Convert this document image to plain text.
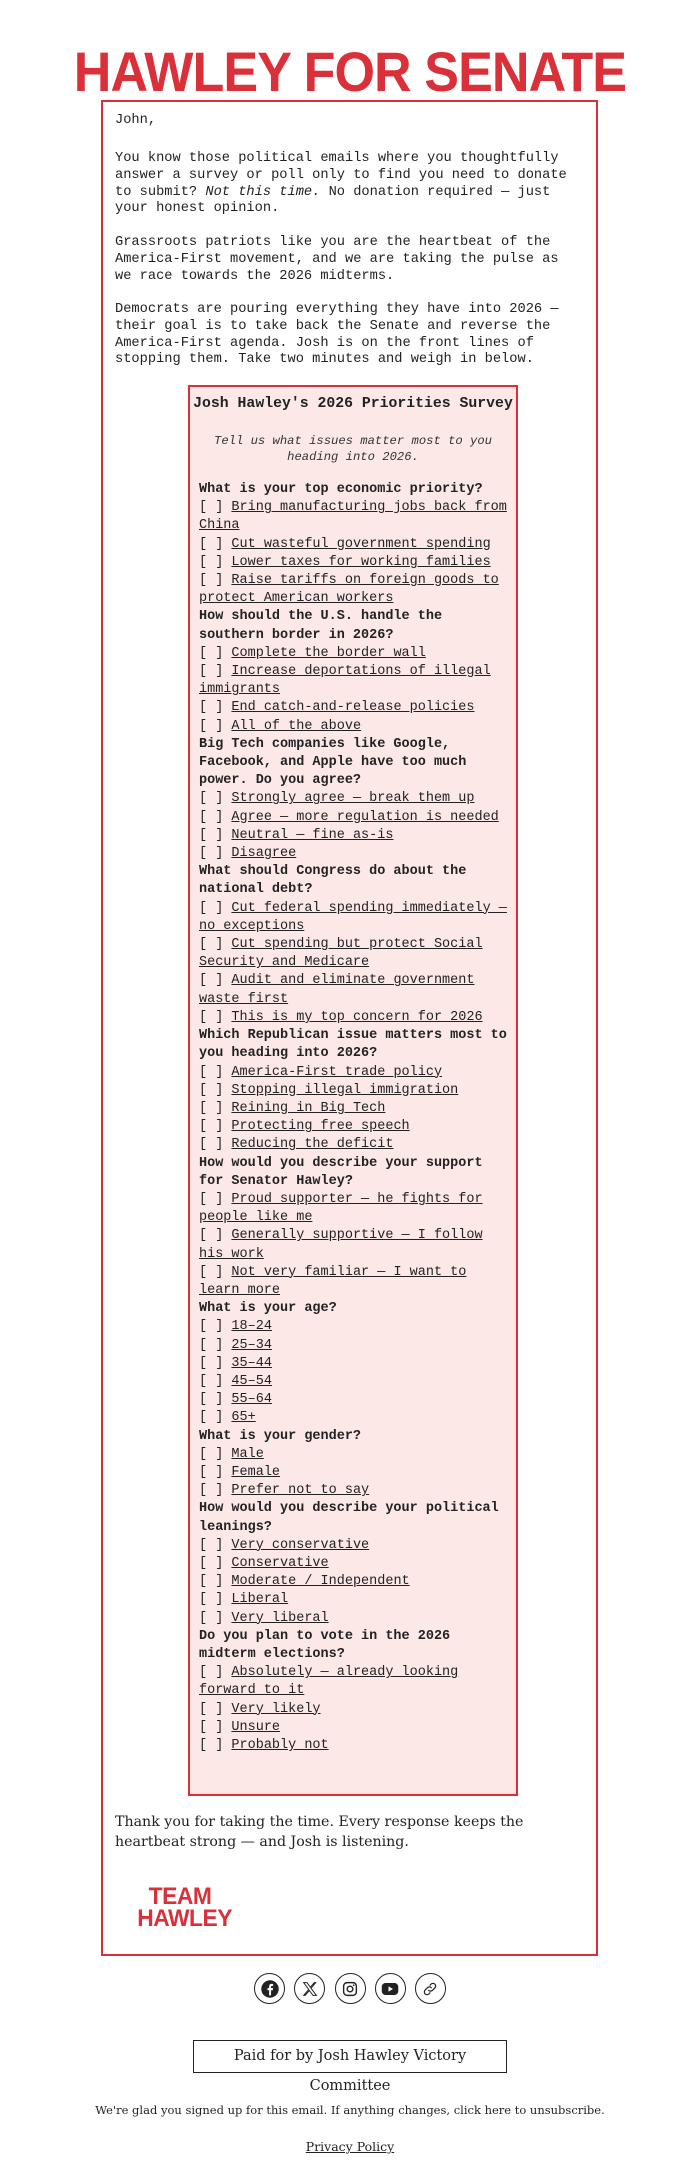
HAWLEY FOR SENATE

John,

You know those political emails where you thoughtfully answer a survey or poll only to find you need to donate to submit? Not this time. No donation required — just your honest opinion.

Grassroots patriots like you are the heartbeat of the America-First movement, and we are taking the pulse as we race towards the 2026 midterms.

Democrats are pouring everything they have into 2026 — their goal is to take back the Senate and reverse the America-First agenda. Josh is on the front lines of stopping them. Take two minutes and weigh in below.

Josh Hawley's 2026 Priorities Survey
Tell us what issues matter most to you heading into 2026.

What is your top economic priority?

[ ] Bring manufacturing jobs back from China

[ ] Cut wasteful government spending

[ ] Lower taxes for working families

[ ] Raise tariffs on foreign goods to protect American workers

How should the U.S. handle the southern border in 2026?

[ ] Complete the border wall

[ ] Increase deportations of illegal immigrants

[ ] End catch-and-release policies

[ ] All of the above

Big Tech companies like Google, Facebook, and Apple have too much power. Do you agree?

[ ] Strongly agree — break them up

[ ] Agree — more regulation is needed

[ ] Neutral — fine as-is

[ ] Disagree

What should Congress do about the national debt?

[ ] Cut federal spending immediately — no exceptions

[ ] Cut spending but protect Social Security and Medicare

[ ] Audit and eliminate government waste first

[ ] This is my top concern for 2026

Which Republican issue matters most to you heading into 2026?

[ ] America-First trade policy

[ ] Stopping illegal immigration

[ ] Reining in Big Tech

[ ] Protecting free speech

[ ] Reducing the deficit

How would you describe your support for Senator Hawley?

[ ] Proud supporter — he fights for people like me

[ ] Generally supportive — I follow his work

[ ] Not very familiar — I want to learn more

What is your age?

[ ] 18–24

[ ] 25–34

[ ] 35–44

[ ] 45–54

[ ] 55–64

[ ] 65+

What is your gender?

[ ] Male

[ ] Female

[ ] Prefer not to say

How would you describe your political leanings?

[ ] Very conservative

[ ] Conservative

[ ] Moderate / Independent

[ ] Liberal

[ ] Very liberal

Do you plan to vote in the 2026 midterm elections?

[ ] Absolutely — already looking forward to it

[ ] Very likely

[ ] Unsure

[ ] Probably not

Thank you for taking the time. Every response keeps the heartbeat strong — and Josh is listening.
TEAM
HAWLEY

Paid for by Josh Hawley Victory Committee
We're glad you signed up for this email. If anything changes, click here to unsubscribe.
Privacy Policy
